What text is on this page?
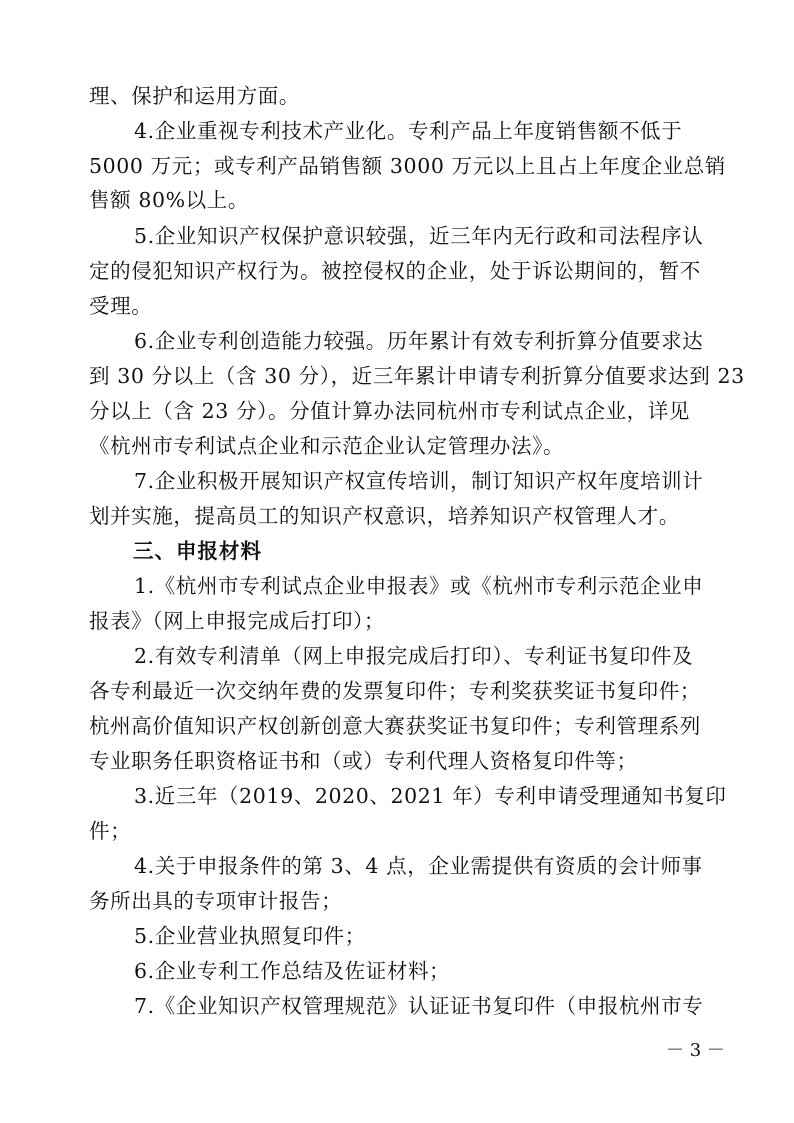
理、保护和运用方面。
4.企业重视专利技术产业化。专利产品上年度销售额不低于
5000 万元；或专利产品销售额 3000 万元以上且占上年度企业总销
售额 80%以上。
5.企业知识产权保护意识较强，近三年内无行政和司法程序认
定的侵犯知识产权行为。被控侵权的企业，处于诉讼期间的，暂不
受理。
6.企业专利创造能力较强。历年累计有效专利折算分值要求达
到 30 分以上（含 30 分），近三年累计申请专利折算分值要求达到 23
分以上（含 23 分）。分值计算办法同杭州市专利试点企业，详见
《杭州市专利试点企业和示范企业认定管理办法》。
7.企业积极开展知识产权宣传培训，制订知识产权年度培训计
划并实施，提高员工的知识产权意识，培养知识产权管理人才。
三、申报材料
1.《杭州市专利试点企业申报表》或《杭州市专利示范企业申
报表》（网上申报完成后打印）；
2.有效专利清单（网上申报完成后打印）、专利证书复印件及
各专利最近一次交纳年费的发票复印件；专利奖获奖证书复印件；
杭州高价值知识产权创新创意大赛获奖证书复印件；专利管理系列
专业职务任职资格证书和（或）专利代理人资格复印件等；
3.近三年（2019、2020、2021 年）专利申请受理通知书复印
件；
4.关于申报条件的第 3、4 点，企业需提供有资质的会计师事
务所出具的专项审计报告；
5.企业营业执照复印件；
6.企业专利工作总结及佐证材料；
7.《企业知识产权管理规范》认证证书复印件（申报杭州市专
－ 3 －
